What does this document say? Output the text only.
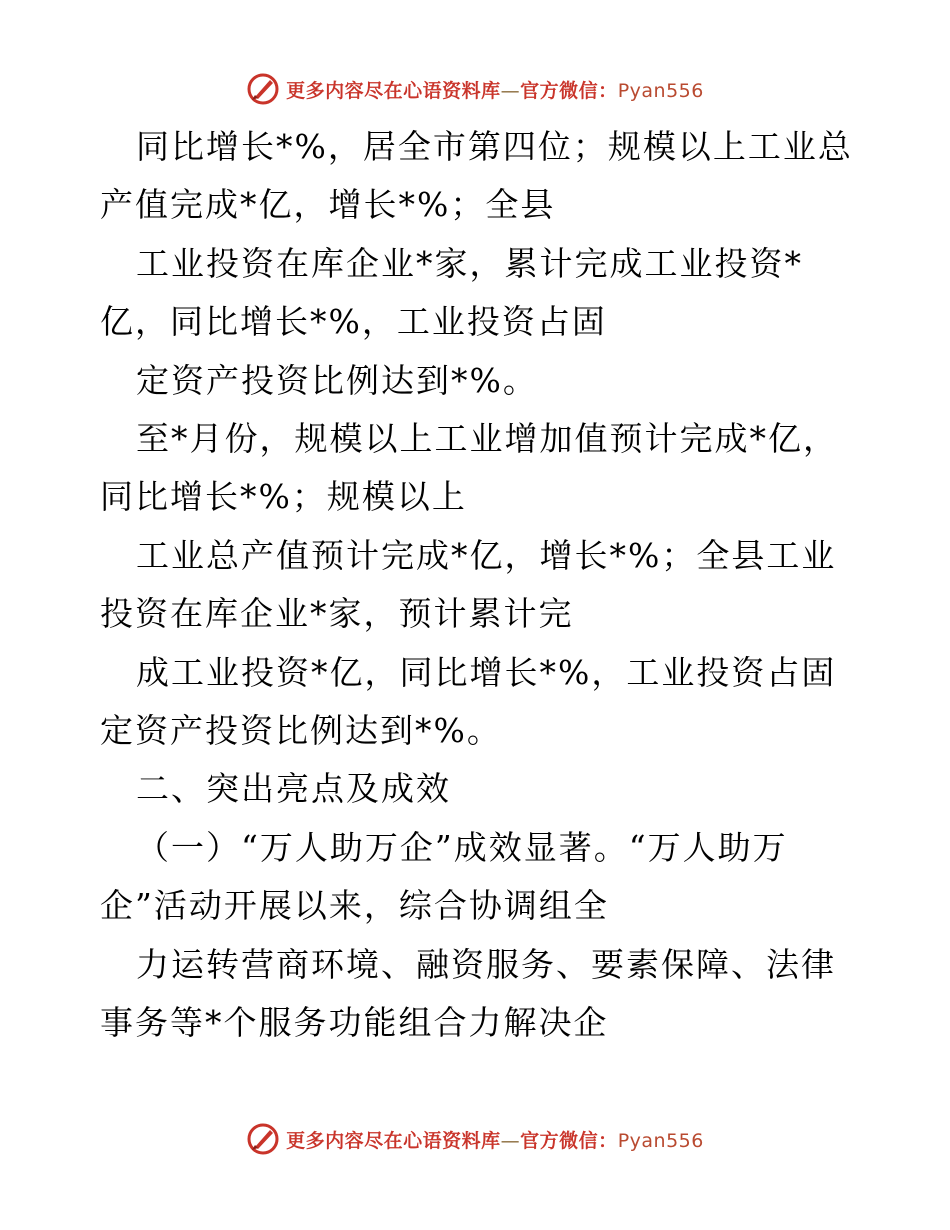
更多内容尽在心语资料库—官方微信：Pyan556

同比增长*%，居全市第四位；规模以上工业总产值完成*亿，增长*%；全县

工业投资在库企业*家，累计完成工业投资*亿，同比增长*%，工业投资占固

定资产投资比例达到*%。

至*月份，规模以上工业增加值预计完成*亿，同比增长*%；规模以上

工业总产值预计完成*亿，增长*%；全县工业投资在库企业*家，预计累计完

成工业投资*亿，同比增长*%，工业投资占固定资产投资比例达到*%。

二、突出亮点及成效

（一）“万人助万企”成效显著。“万人助万企”活动开展以来，综合协调组全

力运转营商环境、融资服务、要素保障、法律事务等*个服务功能组合力解决企

更多内容尽在心语资料库—官方微信：Pyan556
